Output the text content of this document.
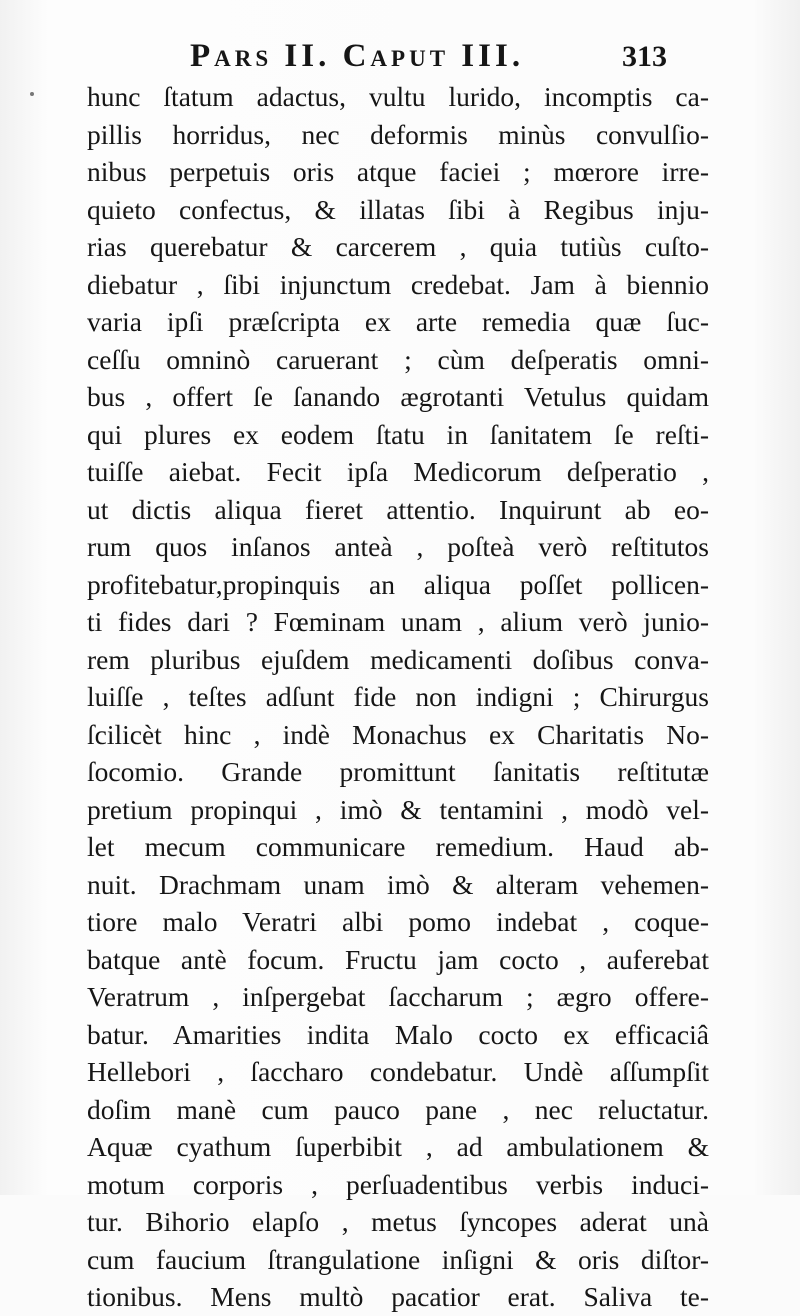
Pars II. Caput III.	313
hunc ſtatum adactus, vultu lurido, incomptis ca-
pillis horridus, nec deformis minùs convulſio-
nibus perpetuis oris atque faciei ; mœrore irre-
quieto confectus, & illatas ſibi à Regibus inju-
rias querebatur & carcerem , quia tutiùs cuſto-
diebatur , ſibi injunctum credebat. Jam à biennio
varia ipſi præſcripta ex arte remedia quæ ſuc-
ceſſu omninò caruerant ; cùm deſperatis omni-
bus , offert ſe ſanando ægrotanti Vetulus quidam
qui plures ex eodem ſtatu in ſanitatem ſe reſti-
tuiſſe aiebat. Fecit ipſa Medicorum deſperatio ,
ut dictis aliqua fieret attentio. Inquirunt ab eo-
rum quos inſanos anteà , poſteà verò reſtitutos
profitebatur,propinquis an aliqua poſſet pollicen-
ti fides dari ? Fœminam unam , alium verò junio-
rem pluribus ejuſdem medicamenti doſibus conva-
luiſſe , teſtes adſunt fide non indigni ; Chirurgus
ſcilicèt hinc , indè Monachus ex Charitatis No-
ſocomio. Grande promittunt ſanitatis reſtitutæ
pretium propinqui , imò & tentamini , modò vel-
let mecum communicare remedium. Haud ab-
nuit. Drachmam unam imò & alteram vehemen-
tiore malo Veratri albi pomo indebat , coque-
batque antè focum. Fructu jam cocto , auferebat
Veratrum , inſpergebat ſaccharum ; ægro offere-
batur. Amarities indita Malo cocto ex efficaciâ
Hellebori , ſaccharo condebatur. Undè aſſumpſit
doſim manè cum pauco pane , nec reluctatur.
Aquæ cyathum ſuperbibit , ad ambulationem &
motum corporis , perſuadentibus verbis induci-
tur. Bihorio elapſo , metus ſyncopes aderat unà
cum faucium ſtrangulatione inſigni & oris diſtor-
tionibus. Mens multò pacatior erat. Saliva te-
